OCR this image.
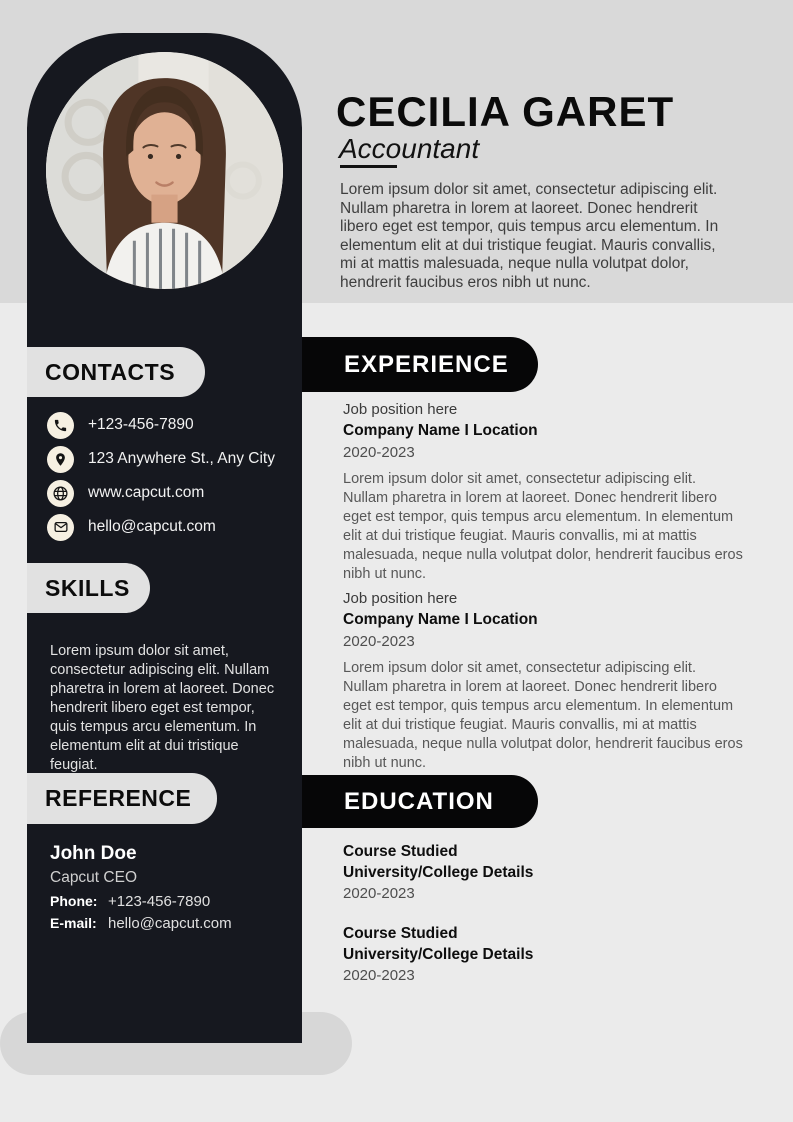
CONTACTS
+123-456-7890
123 Anywhere St., Any City
www.capcut.com
hello@capcut.com
SKILLS

Lorem ipsum dolor sit amet, consectetur adipiscing elit. Nullam pharetra in lorem at laoreet. Donec hendrerit libero eget est tempor, quis tempus arcu elementum. In elementum elit at dui tristique feugiat.

REFERENCE

John Doe

Capcut CEO

Phone: +123-456-7890
E-mail: hello@capcut.com
CECILIA GARET

Accountant

Lorem ipsum dolor sit amet, consectetur adipiscing elit. Nullam pharetra in lorem at laoreet. Donec hendrerit libero eget est tempor, quis tempus arcu elementum. In elementum elit at dui tristique feugiat. Mauris convallis, mi at mattis malesuada, neque nulla volutpat dolor, hendrerit faucibus eros nibh ut nunc.

EXPERIENCE

Job position here

Company Name I Location

2020-2023

Lorem ipsum dolor sit amet, consectetur adipiscing elit. Nullam pharetra in lorem at laoreet. Donec hendrerit libero eget est tempor, quis tempus arcu elementum. In elementum elit at dui tristique feugiat. Mauris convallis, mi at mattis malesuada, neque nulla volutpat dolor, hendrerit faucibus eros nibh ut nunc.

Job position here

Company Name I Location

2020-2023

Lorem ipsum dolor sit amet, consectetur adipiscing elit. Nullam pharetra in lorem at laoreet. Donec hendrerit libero eget est tempor, quis tempus arcu elementum. In elementum elit at dui tristique feugiat. Mauris convallis, mi at mattis malesuada, neque nulla volutpat dolor, hendrerit faucibus eros nibh ut nunc.

EDUCATION

Course Studied

University/College Details

2020-2023

Course Studied

University/College Details

2020-2023
